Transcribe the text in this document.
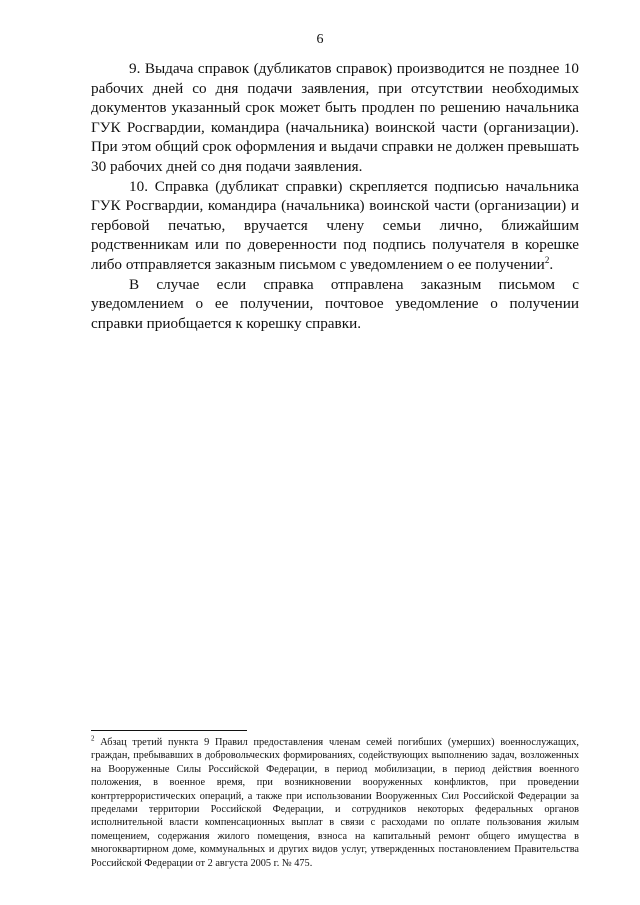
6

9. Выдача справок (дубликатов справок) производится не позднее 10 рабочих дней со дня подачи заявления, при отсутствии необходимых документов указанный срок может быть продлен по решению начальника ГУК Росгвардии, командира (начальника) воинской части (организации). При этом общий срок оформления и выдачи справки не должен превышать 30 рабочих дней со дня подачи заявления.

10. Справка (дубликат справки) скрепляется подписью начальника ГУК Росгвардии, командира (начальника) воинской части (организации) и гербовой печатью, вручается члену семьи лично, ближайшим родственникам или по доверенности под подпись получателя в корешке либо отправляется заказным письмом с уведомлением о ее получении$^2$.

В случае если справка отправлена заказным письмом с уведомлением о ее получении, почтовое уведомление о получении справки приобщается к корешку справки.

$^2$ Абзац третий пункта 9 Правил предоставления членам семей погибших (умерших) военнослужащих, граждан, пребывавших в добровольческих формированиях, содействующих выполнению задач, возложенных на Вооруженные Силы Российской Федерации, в период мобилизации, в период действия военного положения, в военное время, при возникновении вооруженных конфликтов, при проведении контртеррористических операций, а также при использовании Вооруженных Сил Российской Федерации за пределами территории Российской Федерации, и сотрудников некоторых федеральных органов исполнительной власти компенсационных выплат в связи с расходами по оплате пользования жилым помещением, содержания жилого помещения, взноса на капитальный ремонт общего имущества в многоквартирном доме, коммунальных и других видов услуг, утвержденных постановлением Правительства Российской Федерации от 2 августа 2005 г. № 475.
